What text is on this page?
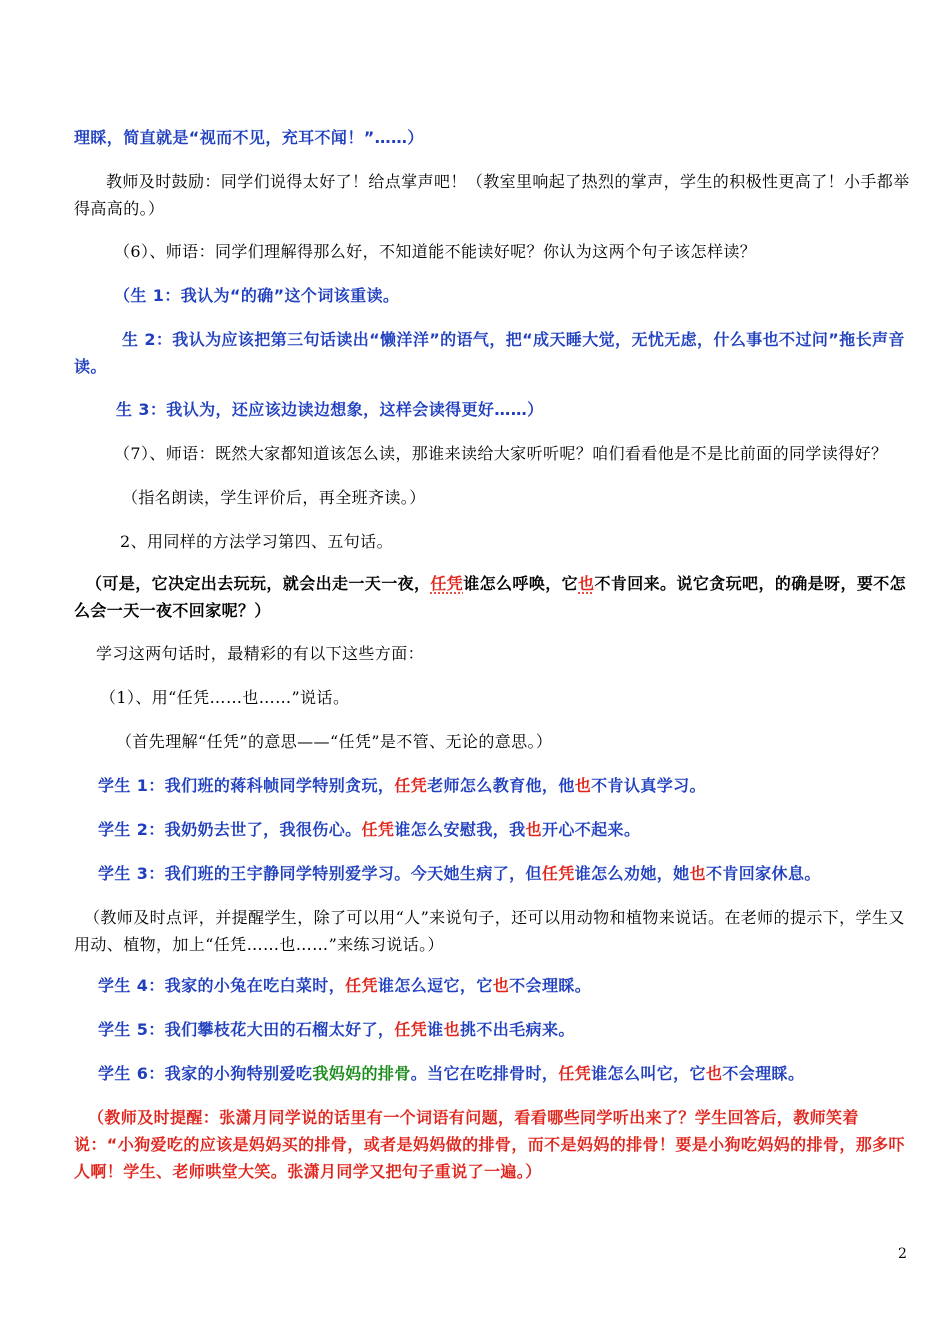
理睬，简直就是“视而不见，充耳不闻！”……）

教师及时鼓励：同学们说得太好了！给点掌声吧！（教室里响起了热烈的掌声，学生的积极性更高了！小手都举得高高的。）

（6）、师语：同学们理解得那么好，不知道能不能读好呢？你认为这两个句子该怎样读？

（生 1：我认为“的确”这个词该重读。

生 2：我认为应该把第三句话读出“懒洋洋”的语气，把“成天睡大觉，无忧无虑，什么事也不过问”拖长声音读。

生 3：我认为，还应该边读边想象，这样会读得更好……）

（7）、师语：既然大家都知道该怎么读，那谁来读给大家听听呢？咱们看看他是不是比前面的同学读得好？

（指名朗读，学生评价后，再全班齐读。）

2、用同样的方法学习第四、五句话。

（可是，它决定出去玩玩，就会出走一天一夜，任凭谁怎么呼唤，它也不肯回来。说它贪玩吧，的确是呀，要不怎么会一天一夜不回家呢？）

学习这两句话时，最精彩的有以下这些方面：

（1）、用“任凭……也……”说话。

（首先理解“任凭”的意思——“任凭”是不管、无论的意思。）

学生 1：我们班的蒋科帧同学特别贪玩，任凭老师怎么教育他，他也不肯认真学习。

学生 2：我奶奶去世了，我很伤心。任凭谁怎么安慰我，我也开心不起来。

学生 3：我们班的王宇静同学特别爱学习。今天她生病了，但任凭谁怎么劝她，她也不肯回家休息。

（教师及时点评，并提醒学生，除了可以用“人”来说句子，还可以用动物和植物来说话。在老师的提示下，学生又用动、植物，加上“任凭……也……”来练习说话。）

学生 4：我家的小兔在吃白菜时，任凭谁怎么逗它，它也不会理睬。

学生 5：我们攀枝花大田的石榴太好了，任凭谁也挑不出毛病来。

学生 6：我家的小狗特别爱吃我妈妈的排骨。当它在吃排骨时，任凭谁怎么叫它，它也不会理睬。

（教师及时提醒：张潇月同学说的话里有一个词语有问题，看看哪些同学听出来了？学生回答后，教师笑着说：“小狗爱吃的应该是妈妈买的排骨，或者是妈妈做的排骨，而不是妈妈的排骨！要是小狗吃妈妈的排骨，那多吓人啊！学生、老师哄堂大笑。张潇月同学又把句子重说了一遍。）

2
